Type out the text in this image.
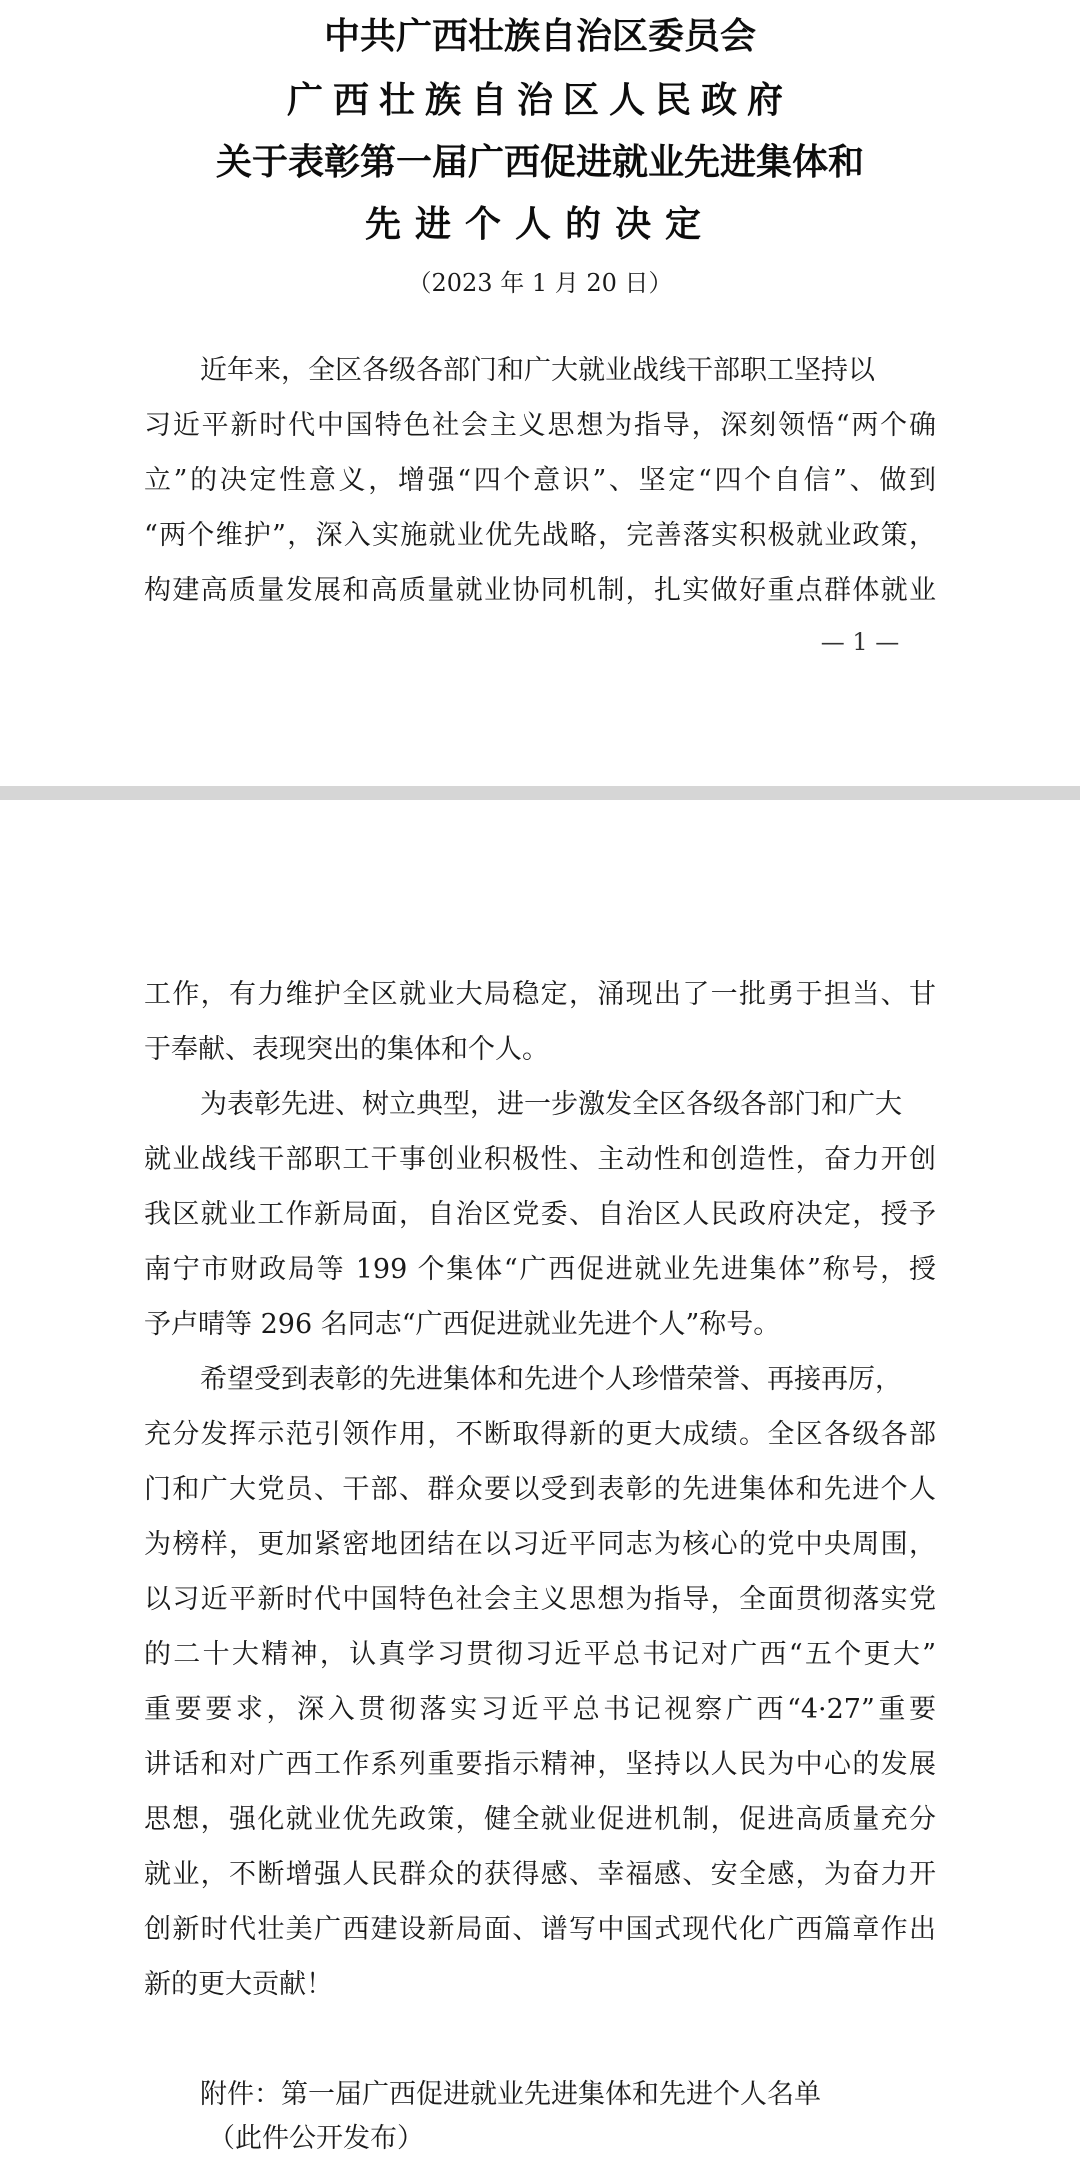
中共广西壮族自治区委员会
广西壮族自治区人民政府
关于表彰第一届广西促进就业先进集体和
先进个人的决定
（2023 年 1 月 20 日）
近年来，全区各级各部门和广大就业战线干部职工坚持以
习近平新时代中国特色社会主义思想为指导，深刻领悟“两个确
立”的决定性意义，增强“四个意识”、坚定“四个自信”、做到
“两个维护”，深入实施就业优先战略，完善落实积极就业政策，
构建高质量发展和高质量就业协同机制，扎实做好重点群体就业
— 1 —
工作，有力维护全区就业大局稳定，涌现出了一批勇于担当、甘
于奉献、表现突出的集体和个人。
为表彰先进、树立典型，进一步激发全区各级各部门和广大
就业战线干部职工干事创业积极性、主动性和创造性，奋力开创
我区就业工作新局面，自治区党委、自治区人民政府决定，授予
南宁市财政局等 199 个集体“广西促进就业先进集体”称号，授
予卢晴等 296 名同志“广西促进就业先进个人”称号。
希望受到表彰的先进集体和先进个人珍惜荣誉、再接再厉，
充分发挥示范引领作用，不断取得新的更大成绩。全区各级各部
门和广大党员、干部、群众要以受到表彰的先进集体和先进个人
为榜样，更加紧密地团结在以习近平同志为核心的党中央周围，
以习近平新时代中国特色社会主义思想为指导，全面贯彻落实党
的二十大精神，认真学习贯彻习近平总书记对广西“五个更大”
重要要求，深入贯彻落实习近平总书记视察广西“4·27”重要
讲话和对广西工作系列重要指示精神，坚持以人民为中心的发展
思想，强化就业优先政策，健全就业促进机制，促进高质量充分
就业，不断增强人民群众的获得感、幸福感、安全感，为奋力开
创新时代壮美广西建设新局面、谱写中国式现代化广西篇章作出
新的更大贡献！
附件：第一届广西促进就业先进集体和先进个人名单
（此件公开发布）
